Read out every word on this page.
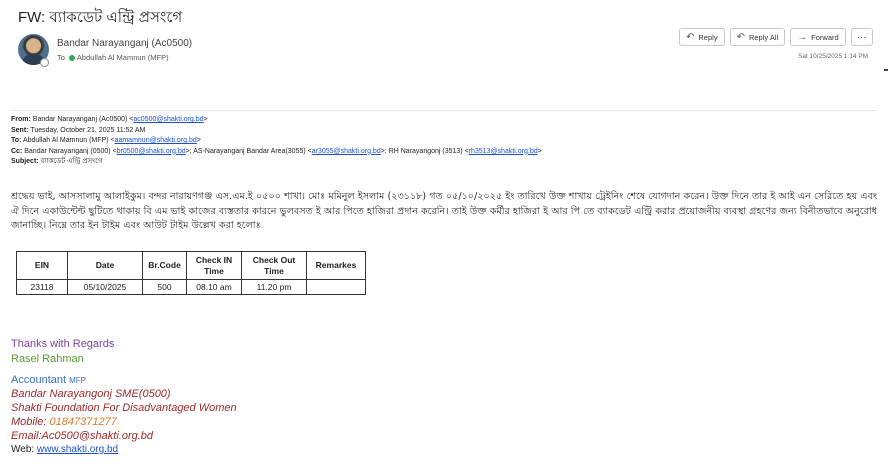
FW: ব্যাকডেট এন্ট্রি প্রসংগে
Bandar Narayanganj (Ac0500)
To Abdullah Al Mamnun (MFP)
↶ Reply ↶ Reply All → Forward ···
Sat 10/25/2025 1:14 PM
From: Bandar Narayanganj (Ac0500) <ac0500@shakti.org.bd>
Sent: Tuesday, October 21, 2025 11:52 AM
To: Abdullah Al Mamnun (MFP) <aamamnun@shakti.org.bd>
Cc: Bandar Narayanganj (0500) <br0500@shakti.org.bd>; AS-Narayanganj Bandar Area(3055) <ar3055@shakti.org.bd>; RH Narayangonj (3513) <rh3513@shakti.org.bd>
Subject: ব্যাকডেট এন্ট্রি প্রসংগে
শ্রদ্ধেয় ভাই, আসসালামু আলাইকুম। বন্দর নারায়ণগঞ্জ এস.এম.ই ০৫০০ শাখা। মোঃ মমিনুল ইসলাম (২৩১১৮) গত ০৫/১০/২০২৫ ইং তারিখে উক্ত শাখায় ট্রেইনিং শেষে যোগদান করেন। উক্ত দিনে তার ই আই এন সেরিতে হয় এবং ঐ দিনে একাউন্টেন্ট ছুটিতে থাকায় বি এম ভাই কাজের ব্যস্ততার কারনে ভুলবসত ই আর পিতে হাজিরা প্রদান করেনি। তাই উক্ত কর্মীর হাজিরা ই আর পি তে ব্যাকডেট এন্ট্রি করার প্রয়োজনীয় ব্যবস্থা গ্রহণের জন্য বিনীতভাবে অনুরোধ জানাচ্ছি। নিম্নে তার ইন টাইম এবং আউট টাইম উল্লেখ করা হলোঃ
EIN	Date	Br.Code	Check IN Time	Check Out Time	Remarkes
23118	05/10/2025	500	08.10 am	11.20 pm	
Thanks with Regards
Rasel Rahman
Accountant MFP
Bandar Narayangonj SME(0500)
Shakti Foundation For Disadvantaged Women
Mobile: 01847371277
Email:Ac0500@shakti.org.bd
Web: www.shakti.org.bd
